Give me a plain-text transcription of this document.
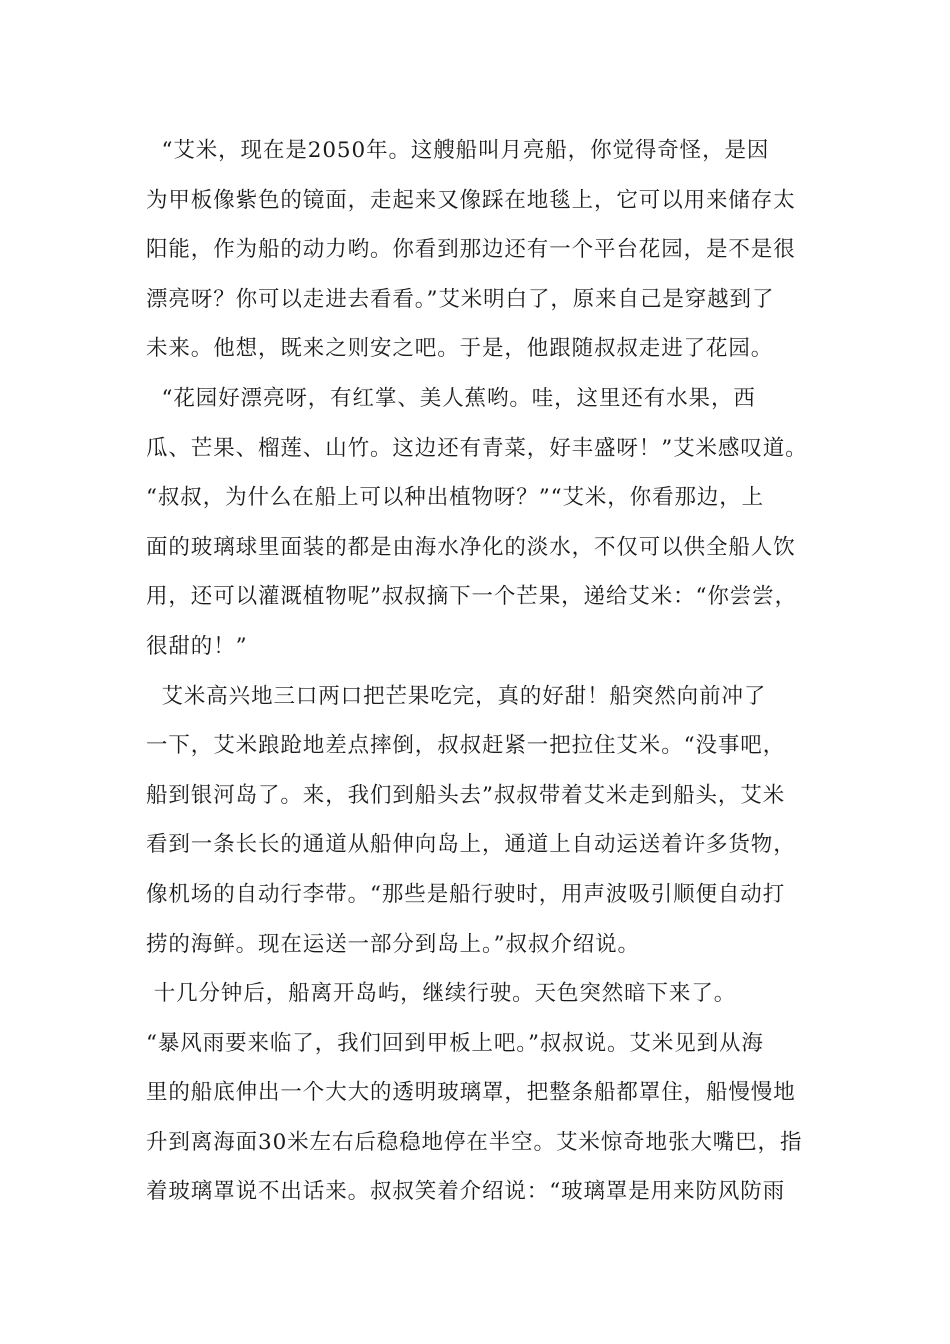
“艾米，现在是2050年。这艘船叫月亮船，你觉得奇怪，是因
为甲板像紫色的镜面，走起来又像踩在地毯上，它可以用来储存太
阳能，作为船的动力哟。你看到那边还有一个平台花园，是不是很
漂亮呀？你可以走进去看看。”艾米明白了，原来自己是穿越到了
未来。他想，既来之则安之吧。于是，他跟随叔叔走进了花园。
“花园好漂亮呀，有红掌、美人蕉哟。哇，这里还有水果，西
瓜、芒果、榴莲、山竹。这边还有青菜，好丰盛呀！”艾米感叹道。
“叔叔，为什么在船上可以种出植物呀？”“艾米，你看那边，上
面的玻璃球里面装的都是由海水净化的淡水，不仅可以供全船人饮
用，还可以灌溉植物呢”叔叔摘下一个芒果，递给艾米：“你尝尝，
很甜的！”
艾米高兴地三口两口把芒果吃完，真的好甜！船突然向前冲了
一下，艾米踉跄地差点摔倒，叔叔赶紧一把拉住艾米。“没事吧，
船到银河岛了。来，我们到船头去”叔叔带着艾米走到船头，艾米
看到一条长长的通道从船伸向岛上，通道上自动运送着许多货物，
像机场的自动行李带。“那些是船行驶时，用声波吸引顺便自动打
捞的海鲜。现在运送一部分到岛上。”叔叔介绍说。
十几分钟后，船离开岛屿，继续行驶。天色突然暗下来了。
“暴风雨要来临了，我们回到甲板上吧。”叔叔说。艾米见到从海
里的船底伸出一个大大的透明玻璃罩，把整条船都罩住，船慢慢地
升到离海面30米左右后稳稳地停在半空。艾米惊奇地张大嘴巴，指
着玻璃罩说不出话来。叔叔笑着介绍说：“玻璃罩是用来防风防雨
